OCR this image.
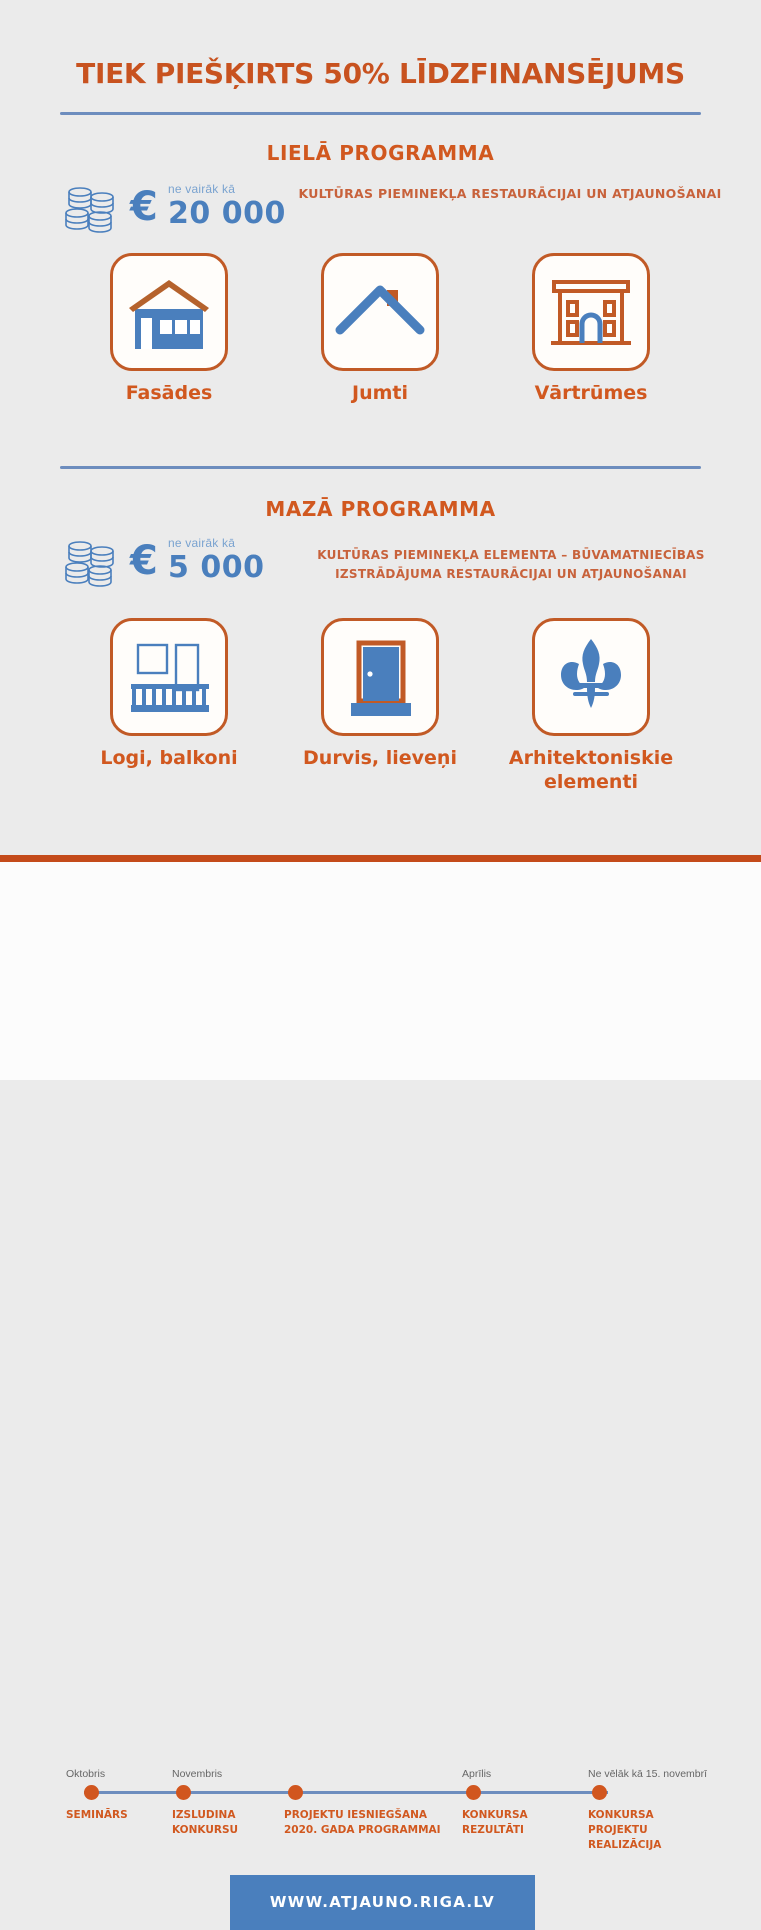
TIEK PIEŠĶIRTS 50% LĪDZFINANSĒJUMS
LIELĀ PROGRAMMA
€ ne vairāk kā
20 000
KULTŪRAS PIEMINEKĻA RESTAURĀCIJAI UN ATJAUNOŠANAI
Fasādes	Jumti	Vārtrūmes
MAZĀ PROGRAMMA
€ ne vairāk kā
5 000	KULTŪRAS PIEMINEKĻA ELEMENTA – BŪVAMATNIECĪBAS IZSTRĀDĀJUMA RESTAURĀCIJAI UN ATJAUNOŠANAI
Logi, balkoni	Durvis, lieveņi	Arhitektoniskie elementi
Oktobris
SEMINĀRS
Novembris
IZSLUDINA KONKURSU
PROJEKTU IESNIEGŠANA 2020. GADA PROGRAMMAI
Aprīlis
KONKURSA REZULTĀTI
Ne vēlāk kā 15. novembrī
KONKURSA PROJEKTU REALIZĀCIJA
WWW.ATJAUNO.RIGA.LV
